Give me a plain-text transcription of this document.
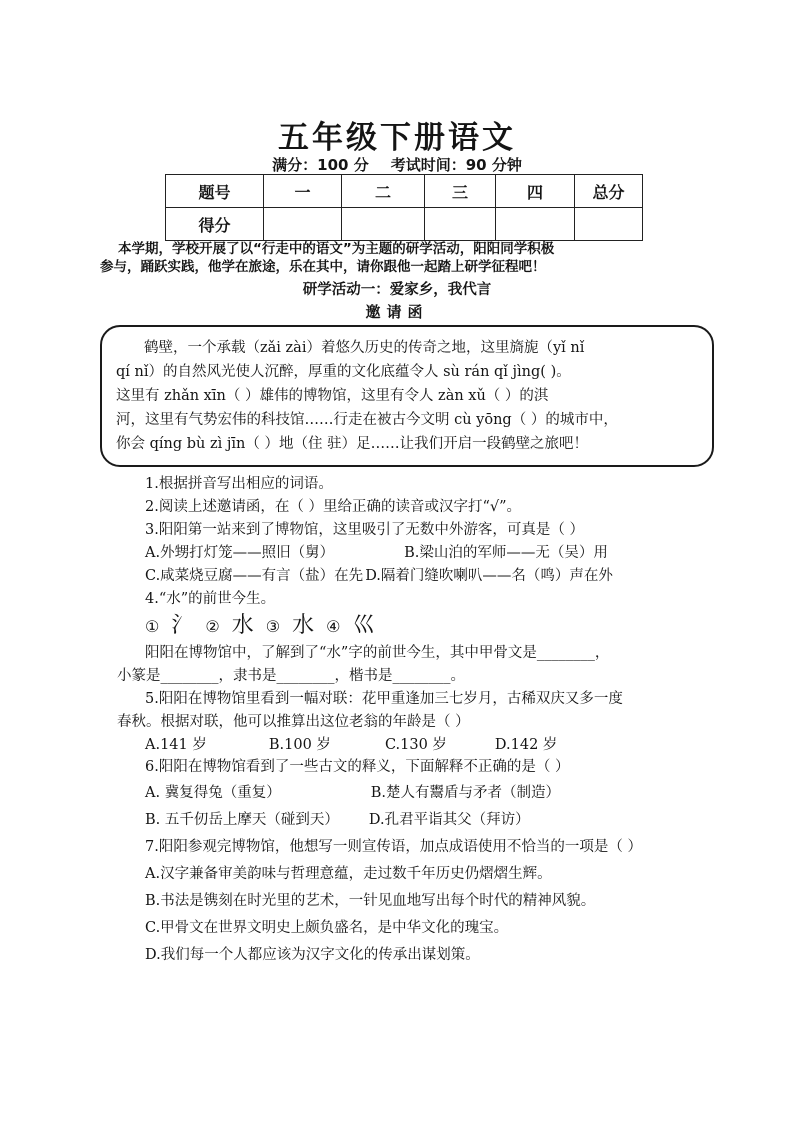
五年级下册语文
满分：100 分 考试时间：90 分钟
题号	一	二	三	四	总分
得分					
本学期，学校开展了以“行走中的语文”为主题的研学活动，阳阳同学积极
参与，踊跃实践，他学在旅途，乐在其中，请你跟他一起踏上研学征程吧！
研学活动一：爱家乡，我代言
邀请函
鹤壁，一个承载（zǎi zài）着悠久历史的传奇之地，这里旖旎（yǐ nǐ
qí nǐ）的自然风光使人沉醉，厚重的文化底蕴令人 sù rán qǐ jìng( )。
这里有 zhǎn xīn（ ）雄伟的博物馆，这里有令人 zàn xǔ（ ）的淇
河，这里有气势宏伟的科技馆……行走在被古今文明 cù yōng（ ）的城市中，
你会 qíng bù zì jīn（ ）地（住 驻）足……让我们开启一段鹤壁之旅吧！
1.根据拼音写出相应的词语。
2.阅读上述邀请函，在（ ）里给正确的读音或汉字打“√”。
3.阳阳第一站来到了博物馆，这里吸引了无数中外游客，可真是（ ）
A.外甥打灯笼——照旧（舅）	B.梁山泊的军师——无（吴）用
C.咸菜烧豆腐——有言（盐）在先 D.隔着门缝吹喇叭——名（鸣）声在外
4.“水”的前世今生。
① 氵 ② 水 ③ 水 ④ 巛
阳阳在博物馆中，了解到了“水”字的前世今生，其中甲骨文是________，
小篆是________，隶书是________，楷书是________。
5.阳阳在博物馆里看到一幅对联：花甲重逢加三七岁月，古稀双庆又多一度
春秋。根据对联，他可以推算出这位老翁的年龄是（ ）
A.141 岁	B.100 岁	C.130 岁	D.142 岁
6.阳阳在博物馆看到了一些古文的释义，下面解释不正确的是（ ）
A. 冀复得兔（重复）	B.楚人有鬻盾与矛者（制造）
B. 五千仞岳上摩天（碰到天） D.孔君平诣其父（拜访）
7.阳阳参观完博物馆，他想写一则宣传语，加点成语使用不恰当的一项是（ ）
A.汉字兼备审美韵味与哲理意蕴，走过数千年历史仍熠熠生辉。
B.书法是镌刻在时光里的艺术，一针见血地写出每个时代的精神风貌。
C.甲骨文在世界文明史上颇负盛名，是中华文化的瑰宝。
D.我们每一个人都应该为汉字文化的传承出谋划策。
